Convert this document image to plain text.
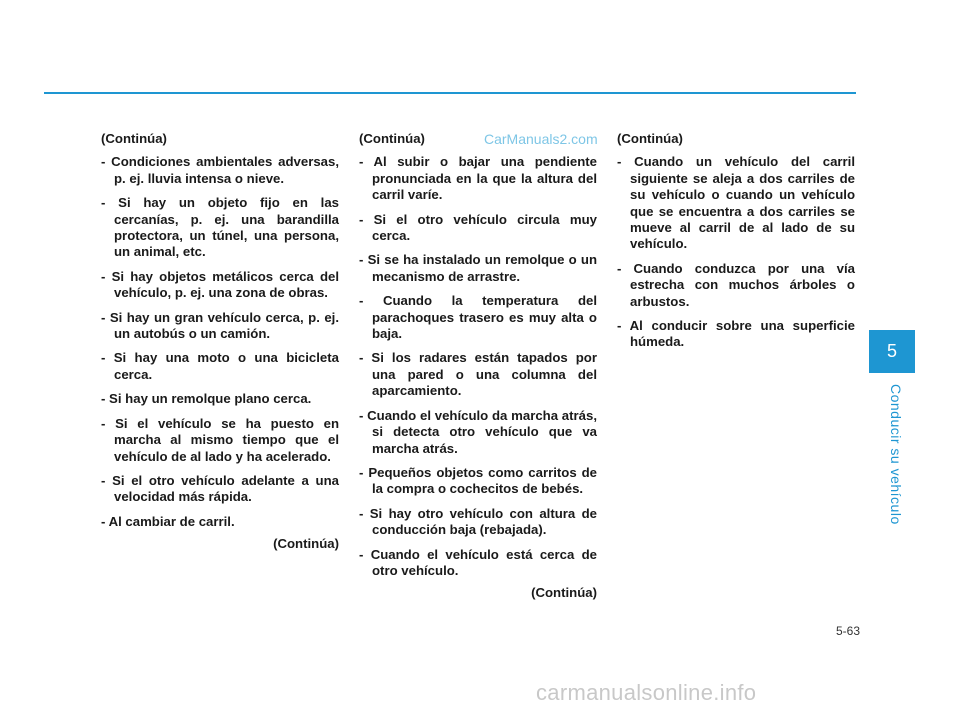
CarManuals2.com
(Continúa)
- Condiciones ambientales adversas, p. ej. lluvia intensa o nieve.
- Si hay un objeto fijo en las cercanías, p. ej. una barandilla protectora, un túnel, una persona, un animal, etc.
- Si hay objetos metálicos cerca del vehículo, p. ej. una zona de obras.
- Si hay un gran vehículo cerca, p. ej. un autobús o un camión.
- Si hay una moto o una bicicleta cerca.
- Si hay un remolque plano cerca.
- Si el vehículo se ha puesto en marcha al mismo tiempo que el vehículo de al lado y ha acelerado.
- Si el otro vehículo adelante a una velocidad más rápida.
- Al cambiar de carril.
(Continúa)
(Continúa)
- Al subir o bajar una pendiente pronunciada en la que la altura del carril varíe.
- Si el otro vehículo circula muy cerca.
- Si se ha instalado un remolque o un mecanismo de arrastre.
- Cuando la temperatura del parachoques trasero es muy alta o baja.
- Si los radares están tapados por una pared o una columna del aparcamiento.
- Cuando el vehículo da marcha atrás, si detecta otro vehículo que va marcha atrás.
- Pequeños objetos como carritos de la compra o cochecitos de bebés.
- Si hay otro vehículo con altura de conducción baja (rebajada).
- Cuando el vehículo está cerca de otro vehículo.
(Continúa)
(Continúa)
- Cuando un vehículo del carril siguiente se aleja a dos carriles de su vehículo o cuando un vehículo que se encuentra a dos carriles se mueve al carril de al lado de su vehículo.
- Cuando conduzca por una vía estrecha con muchos árboles o arbustos.
- Al conducir sobre una superficie húmeda.	5
Conducir su vehículo
5-63
carmanualsonline.info
